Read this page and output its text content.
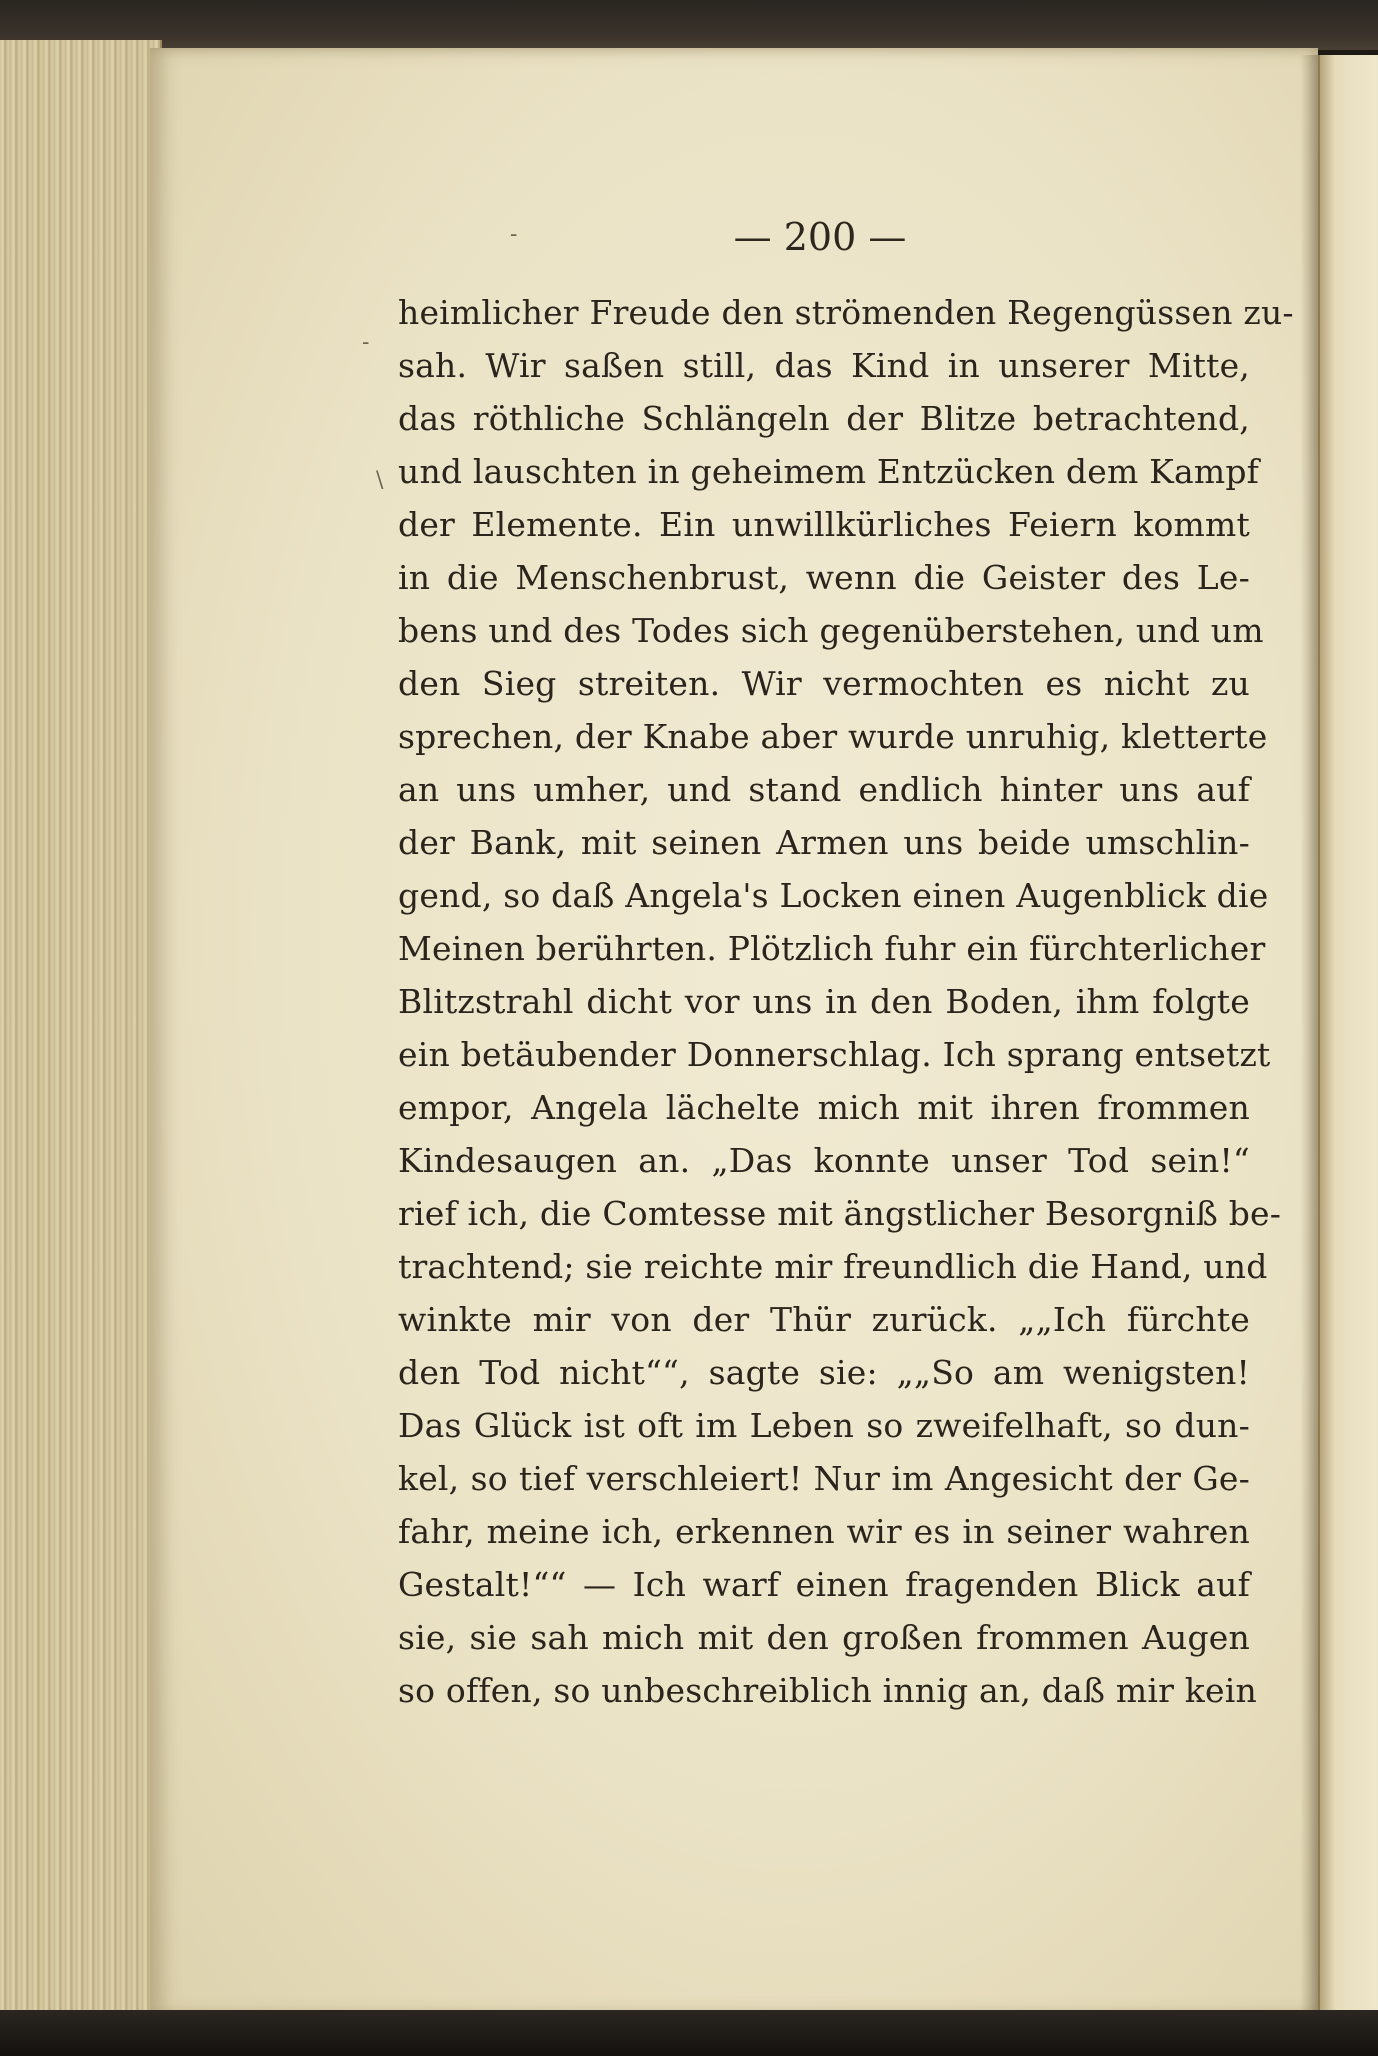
-
-
\
— 200 —
heimlicher Freude den strömenden Regengüssen zu-
sah. Wir saßen still, das Kind in unserer Mitte,
das röthliche Schlängeln der Blitze betrachtend,
und lauschten in geheimem Entzücken dem Kampf
der Elemente. Ein unwillkürliches Feiern kommt
in die Menschenbrust, wenn die Geister des Le-
bens und des Todes sich gegenüberstehen, und um
den Sieg streiten. Wir vermochten es nicht zu
sprechen, der Knabe aber wurde unruhig, kletterte
an uns umher, und stand endlich hinter uns auf
der Bank, mit seinen Armen uns beide umschlin-
gend, so daß Angela's Locken einen Augenblick die
Meinen berührten. Plötzlich fuhr ein fürchterlicher
Blitzstrahl dicht vor uns in den Boden, ihm folgte
ein betäubender Donnerschlag. Ich sprang entsetzt
empor, Angela lächelte mich mit ihren frommen
Kindesaugen an. „Das konnte unser Tod sein!“
rief ich, die Comtesse mit ängstlicher Besorgniß be-
trachtend; sie reichte mir freundlich die Hand, und
winkte mir von der Thür zurück. „„Ich fürchte
den Tod nicht““, sagte sie: „„So am wenigsten!
Das Glück ist oft im Leben so zweifelhaft, so dun-
kel, so tief verschleiert! Nur im Angesicht der Ge-
fahr, meine ich, erkennen wir es in seiner wahren
Gestalt!““ — Ich warf einen fragenden Blick auf
sie, sie sah mich mit den großen frommen Augen
so offen, so unbeschreiblich innig an, daß mir kein
